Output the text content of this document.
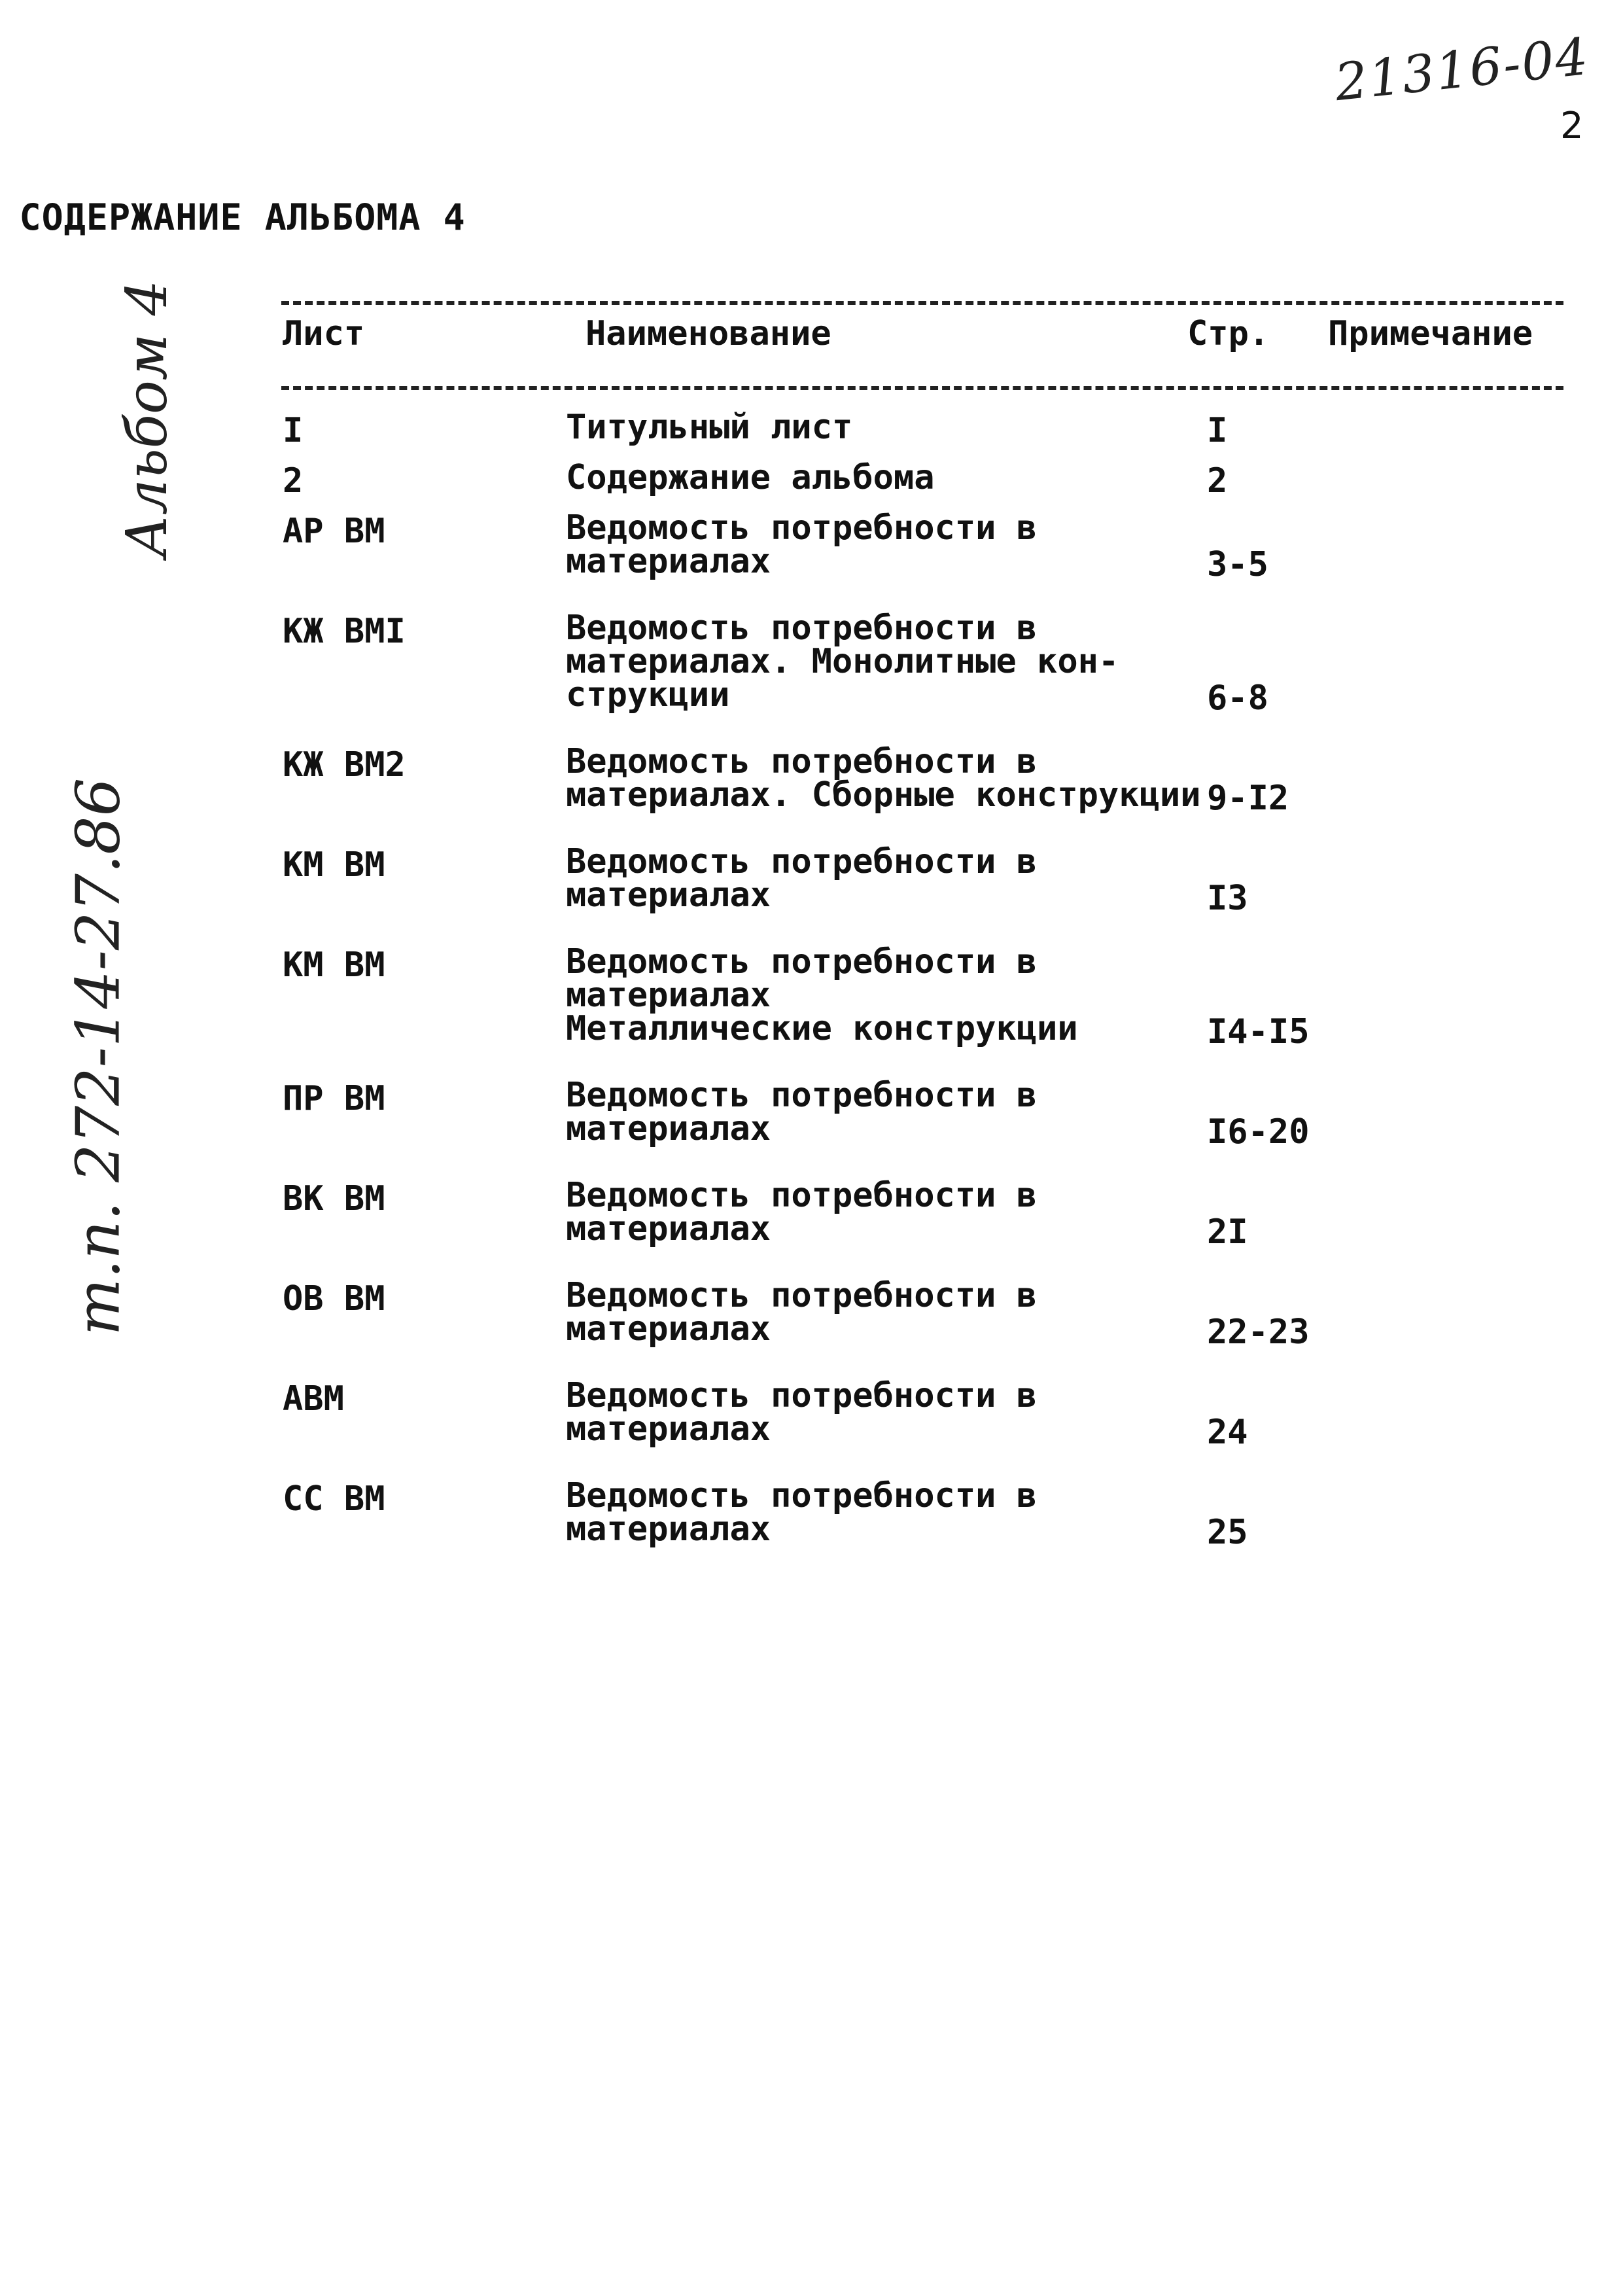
21316-04
2
Альбом 4
т.п. 272-14-27.86
СОДЕРЖАНИЕ АЛЬБОМА 4
Лист	Наименование	Стр. Примечание
I	Титульный лист	I
2	Содержание альбома	2
АР ВМ	Ведомость потребности в
материалах	3-5
КЖ ВМI	Ведомость потребности в
материалах. Монолитные кон-
струкции	6-8
КЖ ВМ2	Ведомость потребности в
материалах. Сборные конструкции 9-I2
КМ ВМ	Ведомость потребности в
материалах	I3
КМ ВМ	Ведомость потребности в
материалах
Металлические конструкции	I4-I5
ПР ВМ	Ведомость потребности в
материалах	I6-20
ВК ВМ	Ведомость потребности в
материалах	2I
ОВ ВМ	Ведомость потребности в
материалах	22-23
АВМ	Ведомость потребности в
материалах	24
СС ВМ	Ведомость потребности в
материалах	25
